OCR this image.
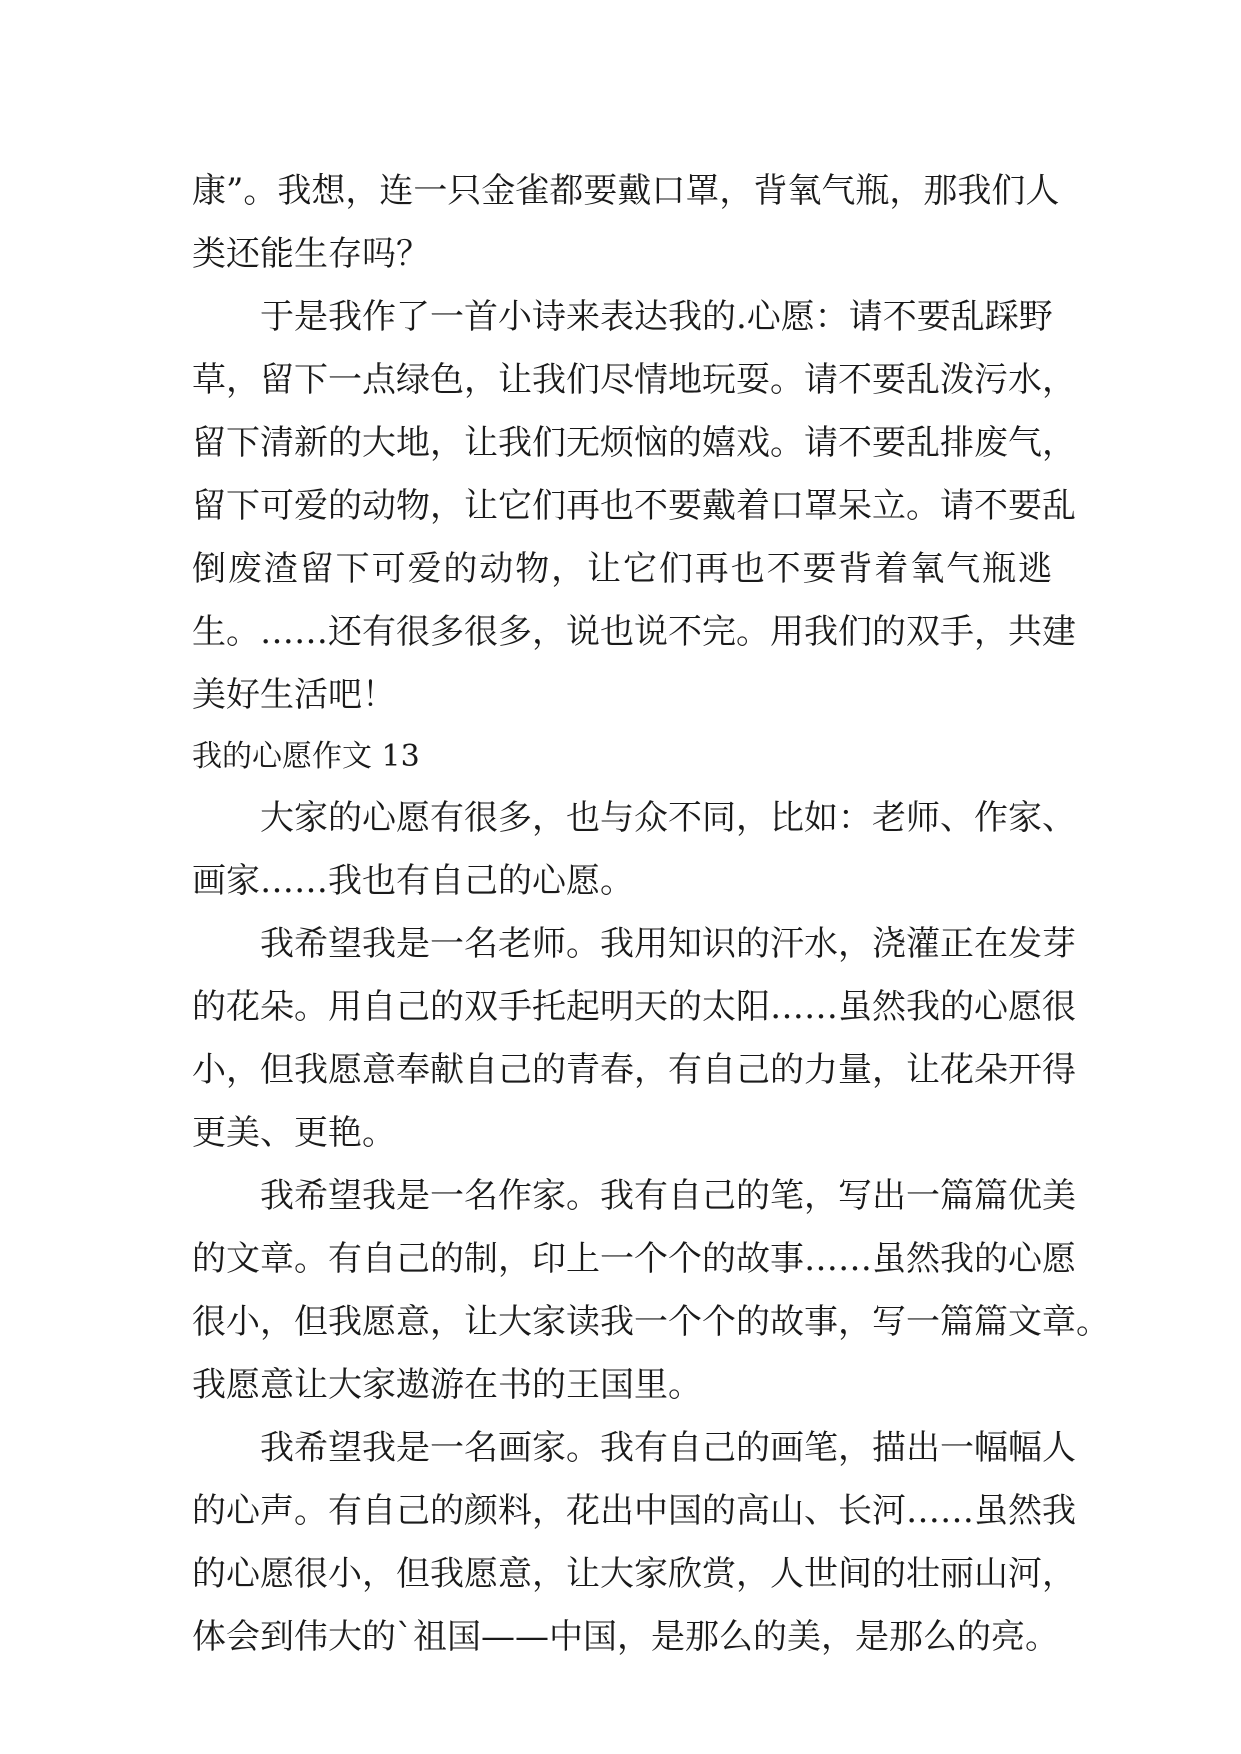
康”。我想，连一只金雀都要戴口罩，背氧气瓶，那我们人
类还能生存吗？
于是我作了一首小诗来表达我的.心愿：请不要乱踩野
草，留下一点绿色，让我们尽情地玩耍。请不要乱泼污水，
留下清新的大地，让我们无烦恼的嬉戏。请不要乱排废气，
留下可爱的动物，让它们再也不要戴着口罩呆立。请不要乱
倒废渣留下可爱的动物，让它们再也不要背着氧气瓶逃
生。……还有很多很多，说也说不完。用我们的双手，共建
美好生活吧！
我的心愿作文 13
大家的心愿有很多，也与众不同，比如：老师、作家、
画家……我也有自己的心愿。
我希望我是一名老师。我用知识的汗水，浇灌正在发芽
的花朵。用自己的双手托起明天的太阳……虽然我的心愿很
小，但我愿意奉献自己的青春，有自己的力量，让花朵开得
更美、更艳。
我希望我是一名作家。我有自己的笔，写出一篇篇优美
的文章。有自己的制，印上一个个的故事……虽然我的心愿
很小，但我愿意，让大家读我一个个的故事，写一篇篇文章。
我愿意让大家遨游在书的王国里。
我希望我是一名画家。我有自己的画笔，描出一幅幅人
的心声。有自己的颜料，花出中国的高山、长河……虽然我
的心愿很小，但我愿意，让大家欣赏，人世间的壮丽山河，
体会到伟大的`祖国——中国，是那么的美，是那么的亮。
